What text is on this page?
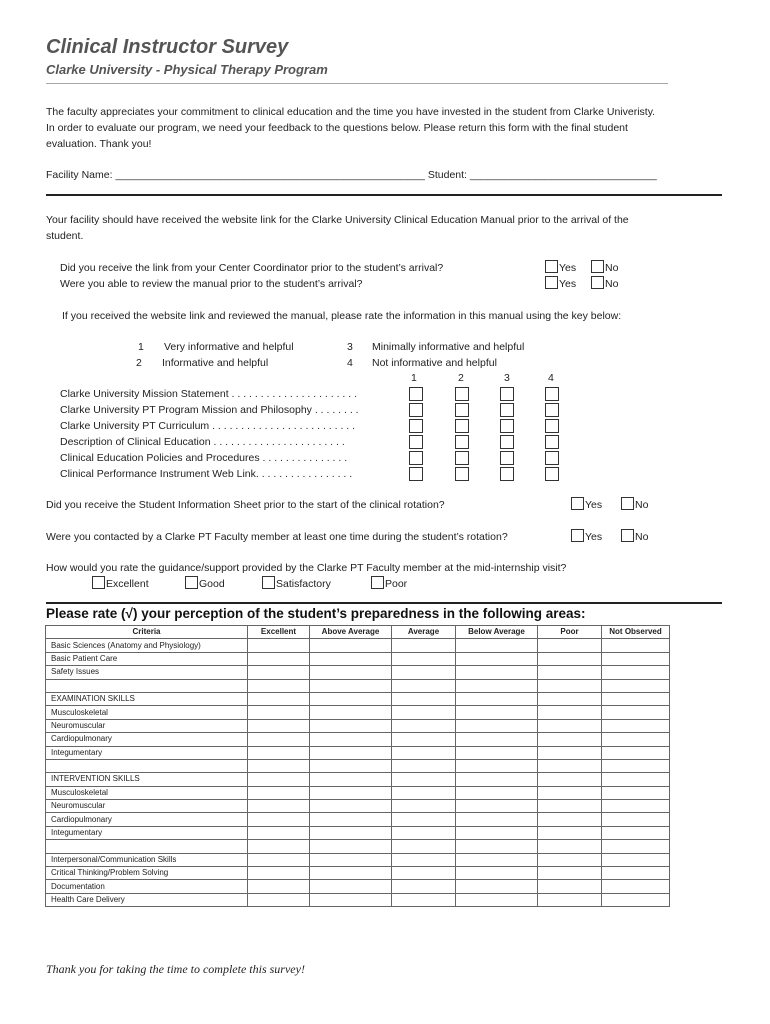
Clinical Instructor Survey
Clarke University - Physical Therapy Program
The faculty appreciates your commitment to clinical education and the time you have invested in the student from Clarke Univeristy.
In order to evaluate our program, we need your feedback to the questions below. Please return this form with the final student
evaluation. Thank you!
Facility Name: _____________________________________________________ Student: ________________________________
Your facility should have received the website link for the Clarke University Clinical Education Manual prior to the arrival of the
student.
Did you receive the link from your Center Coordinator prior to the student’s arrival?
Were you able to review the manual prior to the student’s arrival?
Yes	No
Yes	No
If you received the website link and reviewed the manual, please rate the information in this manual using the key below:
1 Very informative and helpful
2 Informative and helpful
3 Minimally informative and helpful
4 Not informative and helpful
1	2	3	4
Clarke University Mission Statement . . . . . . . . . . . . . . . . . . . . . .
Clarke University PT Program Mission and Philosophy . . . . . . . .
Clarke University PT Curriculum . . . . . . . . . . . . . . . . . . . . . . . . .
Description of Clinical Education . . . . . . . . . . . . . . . . . . . . . . .
Clinical Education Policies and Procedures . . . . . . . . . . . . . . .
Clinical Performance Instrument Web Link. . . . . . . . . . . . . . . . .
Did you receive the Student Information Sheet prior to the start of the clinical rotation?	Yes	No
Were you contacted by a Clarke PT Faculty member at least one time during the student’s rotation?	Yes	No
How would you rate the guidance/support provided by the Clarke PT Faculty member at the mid-internship visit?
Excellent	Good	Satisfactory	Poor
Please rate (√) your perception of the student’s preparedness in the following areas:
Criteria	Excellent	Above Average	Average	Below Average	Poor	Not Observed
Basic Sciences (Anatomy and Physiology)						
Basic Patient Care						
Safety Issues						

EXAMINATION SKILLS						
Musculoskeletal						
Neuromuscular						
Cardiopulmonary						
Integumentary						

INTERVENTION SKILLS						
Musculoskeletal						
Neuromuscular						
Cardiopulmonary						
Integumentary						

Interpersonal/Communication Skills						
Critical Thinking/Problem Solving						
Documentation						
Health Care Delivery						
Thank you for taking the time to complete this survey!
